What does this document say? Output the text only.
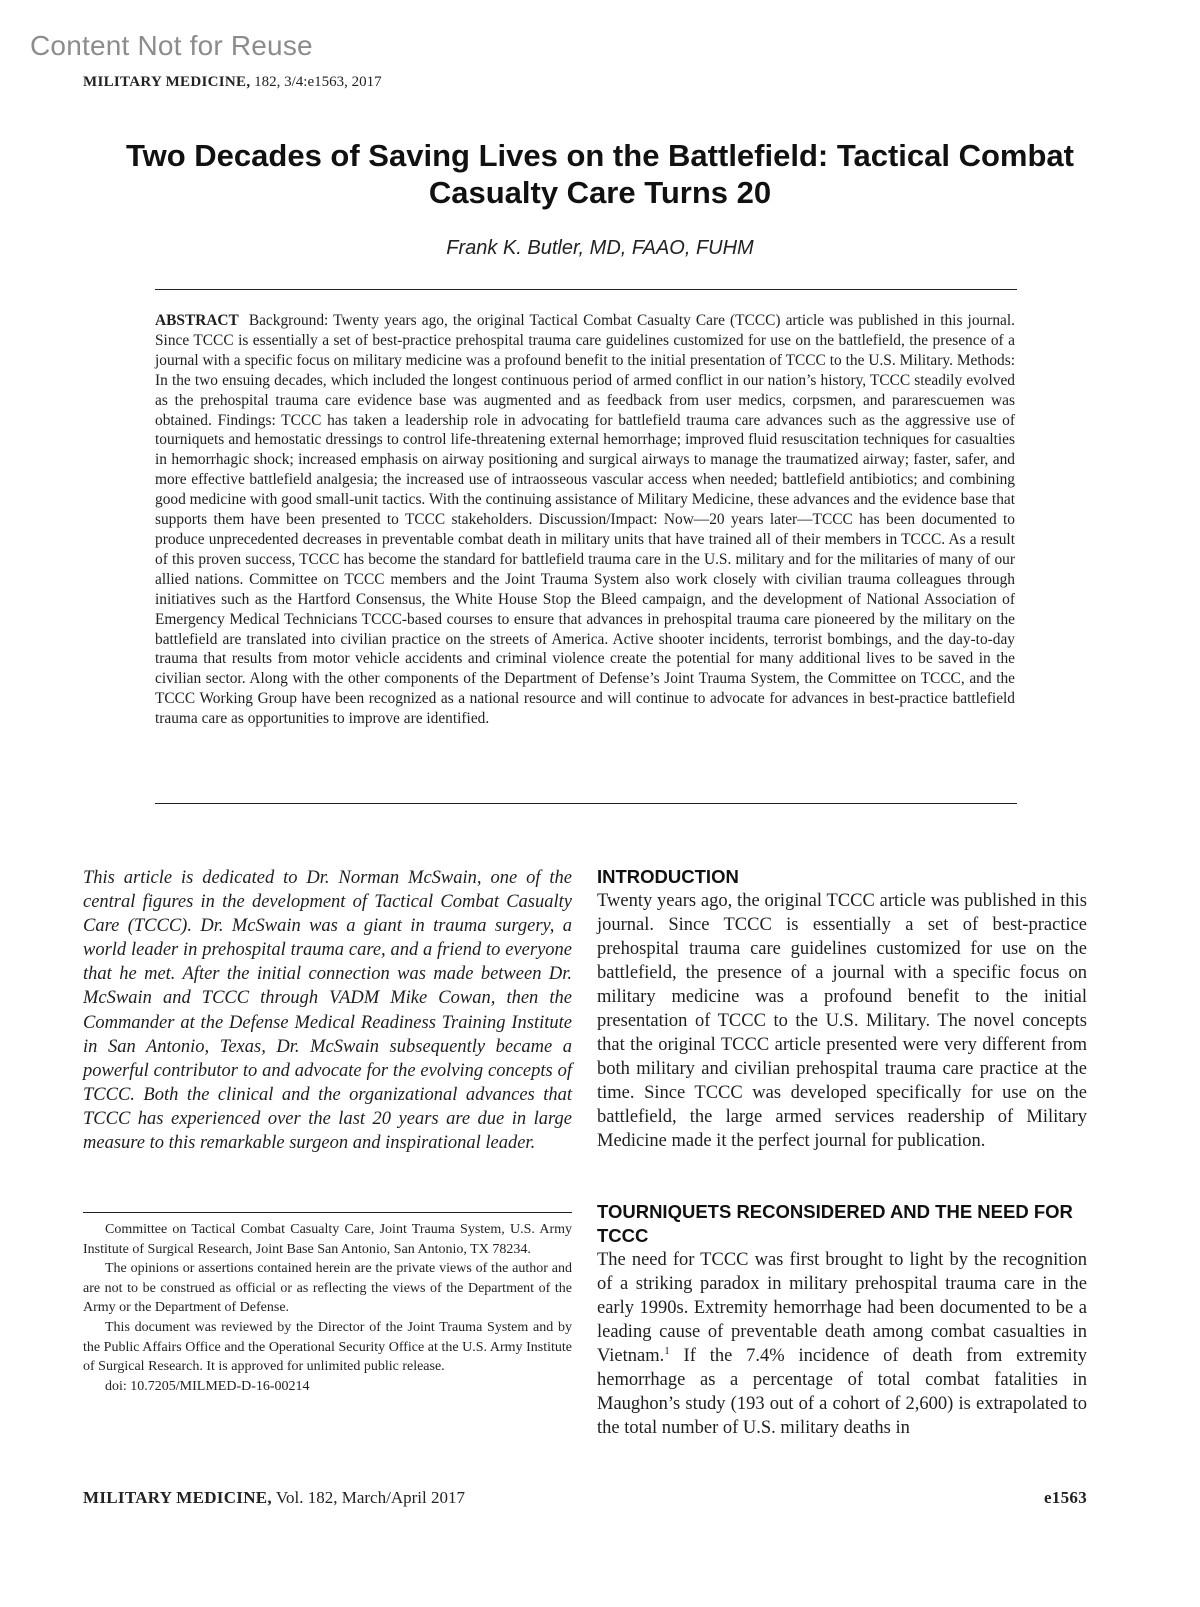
Content Not for Reuse
MILITARY MEDICINE, 182, 3/4:e1563, 2017
Two Decades of Saving Lives on the Battlefield: Tactical Combat Casualty Care Turns 20
Frank K. Butler, MD, FAAO, FUHM
ABSTRACT Background: Twenty years ago, the original Tactical Combat Casualty Care (TCCC) article was published in this journal. Since TCCC is essentially a set of best-practice prehospital trauma care guidelines customized for use on the battlefield, the presence of a journal with a specific focus on military medicine was a profound benefit to the initial presentation of TCCC to the U.S. Military. Methods: In the two ensuing decades, which included the longest continuous period of armed conflict in our nation’s history, TCCC steadily evolved as the prehospital trauma care evidence base was augmented and as feedback from user medics, corpsmen, and pararescuemen was obtained. Findings: TCCC has taken a leadership role in advocating for battlefield trauma care advances such as the aggressive use of tourniquets and hemostatic dressings to control life-threatening external hemorrhage; improved fluid resuscitation techniques for casualties in hemorrhagic shock; increased emphasis on airway positioning and surgical airways to manage the traumatized airway; faster, safer, and more effective battlefield analgesia; the increased use of intraosseous vascular access when needed; battlefield antibiotics; and combining good medicine with good small-unit tactics. With the continuing assistance of Military Medicine, these advances and the evidence base that supports them have been presented to TCCC stakeholders. Discussion/Impact: Now—20 years later—TCCC has been documented to produce unprecedented decreases in preventable combat death in military units that have trained all of their members in TCCC. As a result of this proven success, TCCC has become the standard for battlefield trauma care in the U.S. military and for the militaries of many of our allied nations. Committee on TCCC members and the Joint Trauma System also work closely with civilian trauma colleagues through initiatives such as the Hartford Consensus, the White House Stop the Bleed campaign, and the development of National Association of Emergency Medical Technicians TCCC-based courses to ensure that advances in prehospital trauma care pioneered by the military on the battlefield are translated into civilian practice on the streets of America. Active shooter incidents, terrorist bombings, and the day-to-day trauma that results from motor vehicle accidents and criminal violence create the potential for many additional lives to be saved in the civilian sector. Along with the other components of the Department of Defense’s Joint Trauma System, the Committee on TCCC, and the TCCC Working Group have been recognized as a national resource and will continue to advocate for advances in best-practice battlefield trauma care as opportunities to improve are identified.
This article is dedicated to Dr. Norman McSwain, one of the central figures in the development of Tactical Combat Casualty Care (TCCC). Dr. McSwain was a giant in trauma surgery, a world leader in prehospital trauma care, and a friend to everyone that he met. After the initial connection was made between Dr. McSwain and TCCC through VADM Mike Cowan, then the Commander at the Defense Medical Readiness Training Institute in San Antonio, Texas, Dr. McSwain subsequently became a powerful contributor to and advocate for the evolving concepts of TCCC. Both the clinical and the organizational advances that TCCC has experienced over the last 20 years are due in large measure to this remarkable surgeon and inspirational leader.

Committee on Tactical Combat Casualty Care, Joint Trauma System, U.S. Army Institute of Surgical Research, Joint Base San Antonio, San Antonio, TX 78234.

The opinions or assertions contained herein are the private views of the author and are not to be construed as official or as reflecting the views of the Department of the Army or the Department of Defense.

This document was reviewed by the Director of the Joint Trauma System and by the Public Affairs Office and the Operational Security Office at the U.S. Army Institute of Surgical Research. It is approved for unlimited public release.

doi: 10.7205/MILMED-D-16-00214

INTRODUCTION

Twenty years ago, the original TCCC article was published in this journal. Since TCCC is essentially a set of best-practice prehospital trauma care guidelines customized for use on the battlefield, the presence of a journal with a specific focus on military medicine was a profound benefit to the initial presentation of TCCC to the U.S. Military. The novel concepts that the original TCCC article presented were very different from both military and civilian prehospital trauma care practice at the time. Since TCCC was developed specifically for use on the battlefield, the large armed services readership of Military Medicine made it the perfect journal for publication.

TOURNIQUETS RECONSIDERED AND THE NEED FOR TCCC

The need for TCCC was first brought to light by the recognition of a striking paradox in military prehospital trauma care in the early 1990s. Extremity hemorrhage had been documented to be a leading cause of preventable death among combat casualties in Vietnam.$^1$ If the 7.4% incidence of death from extremity hemorrhage as a percentage of total combat fatalities in Maughon’s study (193 out of a cohort of 2,600) is extrapolated to the total number of U.S. military deaths in

MILITARY MEDICINE, Vol. 182, March/April 2017	e1563
